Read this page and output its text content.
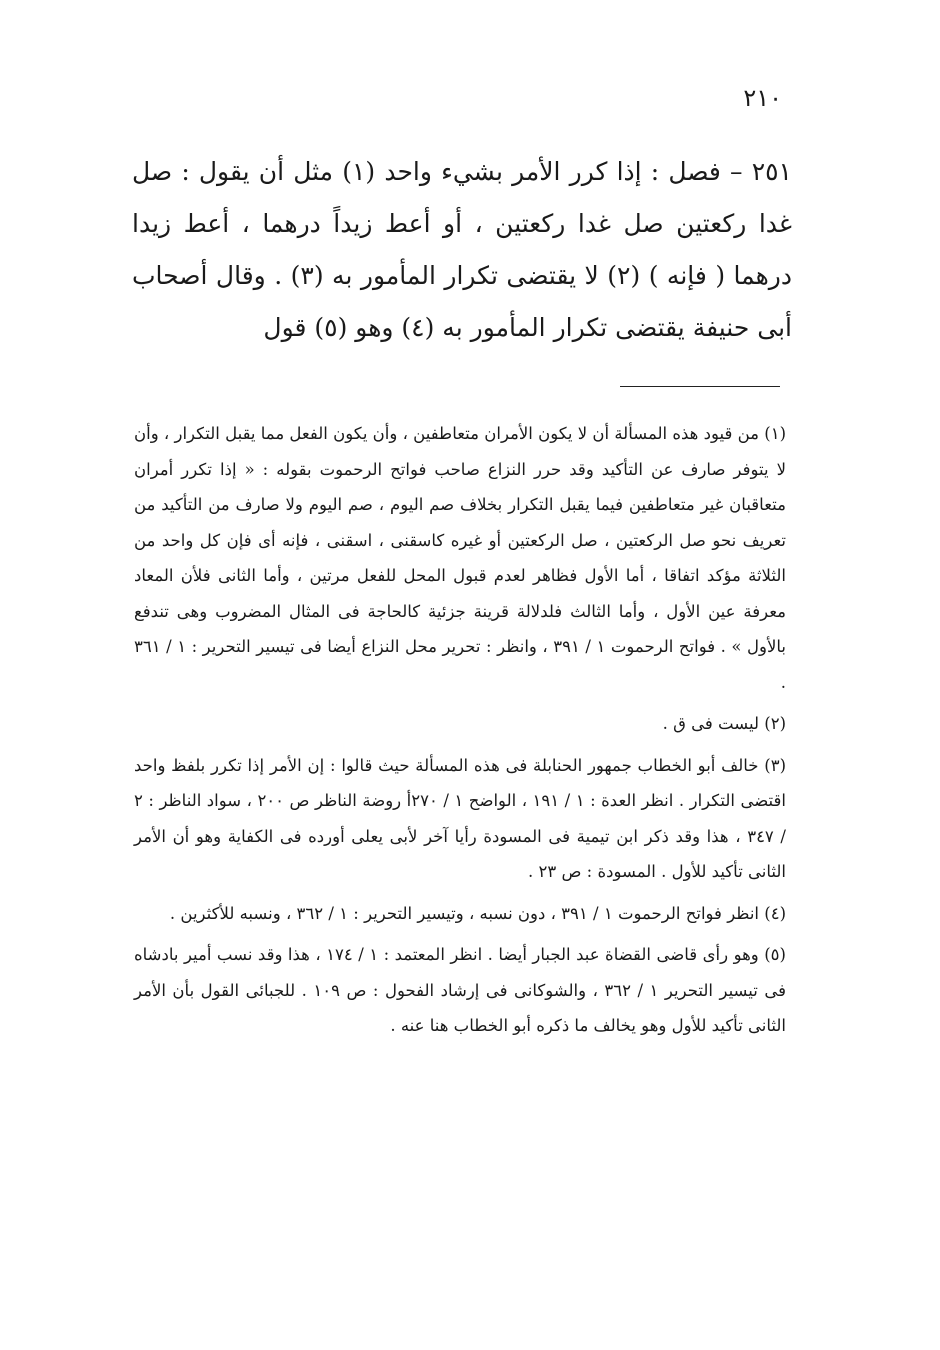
٢١٠

٢٥١ – فصل : إذا كرر الأمر بشيء واحد (١) مثل أن يقول : صل غدا ركعتين صل غدا ركعتين ، أو أعط زيداً درهما ، أعط زيدا درهما ( فإنه ) (٢) لا يقتضى تكرار المأمور به (٣) . وقال أصحاب أبى حنيفة يقتضى تكرار المأمور به (٤) وهو (٥) قول

(١) من قيود هذه المسألة أن لا يكون الأمران متعاطفين ، وأن يكون الفعل مما يقبل التكرار ، وأن لا يتوفر صارف عن التأكيد وقد حرر النزاع صاحب فواتح الرحموت بقوله : « إذا تكرر أمران متعاقبان غير متعاطفين فيما يقبل التكرار بخلاف صم اليوم ، صم اليوم ولا صارف من التأكيد من تعريف نحو صل الركعتين ، صل الركعتين أو غيره كاسقنى ، اسقنى ، فإنه أى فإن كل واحد من الثلاثة مؤكد اتفاقا ، أما الأول فظاهر لعدم قبول المحل للفعل مرتين ، وأما الثانى فلأن المعاد معرفة عين الأول ، وأما الثالث فلدلالة قرينة جزئية كالحاجة فى المثال المضروب وهى تندفع بالأول » . فواتح الرحموت ١ / ٣٩١ ، وانظر : تحرير محل النزاع أيضا فى تيسير التحرير : ١ / ٣٦١ .

(٢) ليست فى ق .

(٣) خالف أبو الخطاب جمهور الحنابلة فى هذه المسألة حيث قالوا : إن الأمر إذا تكرر بلفظ واحد اقتضى التكرار . انظر العدة : ١ / ١٩١ ، الواضح ١ / ٢٧٠أ روضة الناظر ص ٢٠٠ ، سواد الناظر : ٢ / ٣٤٧ ، هذا وقد ذكر ابن تيمية فى المسودة رأيا آخر لأبى يعلى أورده فى الكفاية وهو أن الأمر الثانى تأكيد للأول . المسودة : ص ٢٣ .

(٤) انظر فواتح الرحموت ١ / ٣٩١ ، دون نسبه ، وتيسير التحرير : ١ / ٣٦٢ ، ونسبه للأكثرين .

(٥) وهو رأى قاضى القضاة عبد الجبار أيضا . انظر المعتمد : ١ / ١٧٤ ، هذا وقد نسب أمير بادشاه فى تيسير التحرير ١ / ٣٦٢ ، والشوكانى فى إرشاد الفحول : ص ١٠٩ . للجبائى القول بأن الأمر الثانى تأكيد للأول وهو يخالف ما ذكره أبو الخطاب هنا عنه .
